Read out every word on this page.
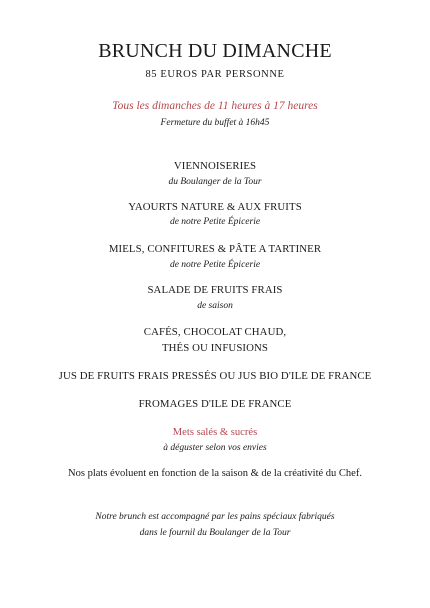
BRUNCH DU DIMANCHE
85 EUROS PAR PERSONNE
Tous les dimanches de 11 heures à 17 heures
Fermeture du buffet à 16h45
VIENNOISERIES
du Boulanger de la Tour
YAOURTS NATURE & AUX FRUITS
de notre Petite Épicerie
MIELS, CONFITURES & PÂTE A TARTINER
de notre Petite Épicerie
SALADE DE FRUITS FRAIS
de saison
CAFÉS, CHOCOLAT CHAUD,
THÉS OU INFUSIONS
JUS DE FRUITS FRAIS PRESSÉS OU JUS BIO D'ILE DE FRANCE
FROMAGES D'ILE DE FRANCE
Mets salés & sucrés
à déguster selon vos envies
Nos plats évoluent en fonction de la saison & de la créativité du Chef.
Notre brunch est accompagné par les pains spéciaux fabriqués
dans le fournil du Boulanger de la Tour
